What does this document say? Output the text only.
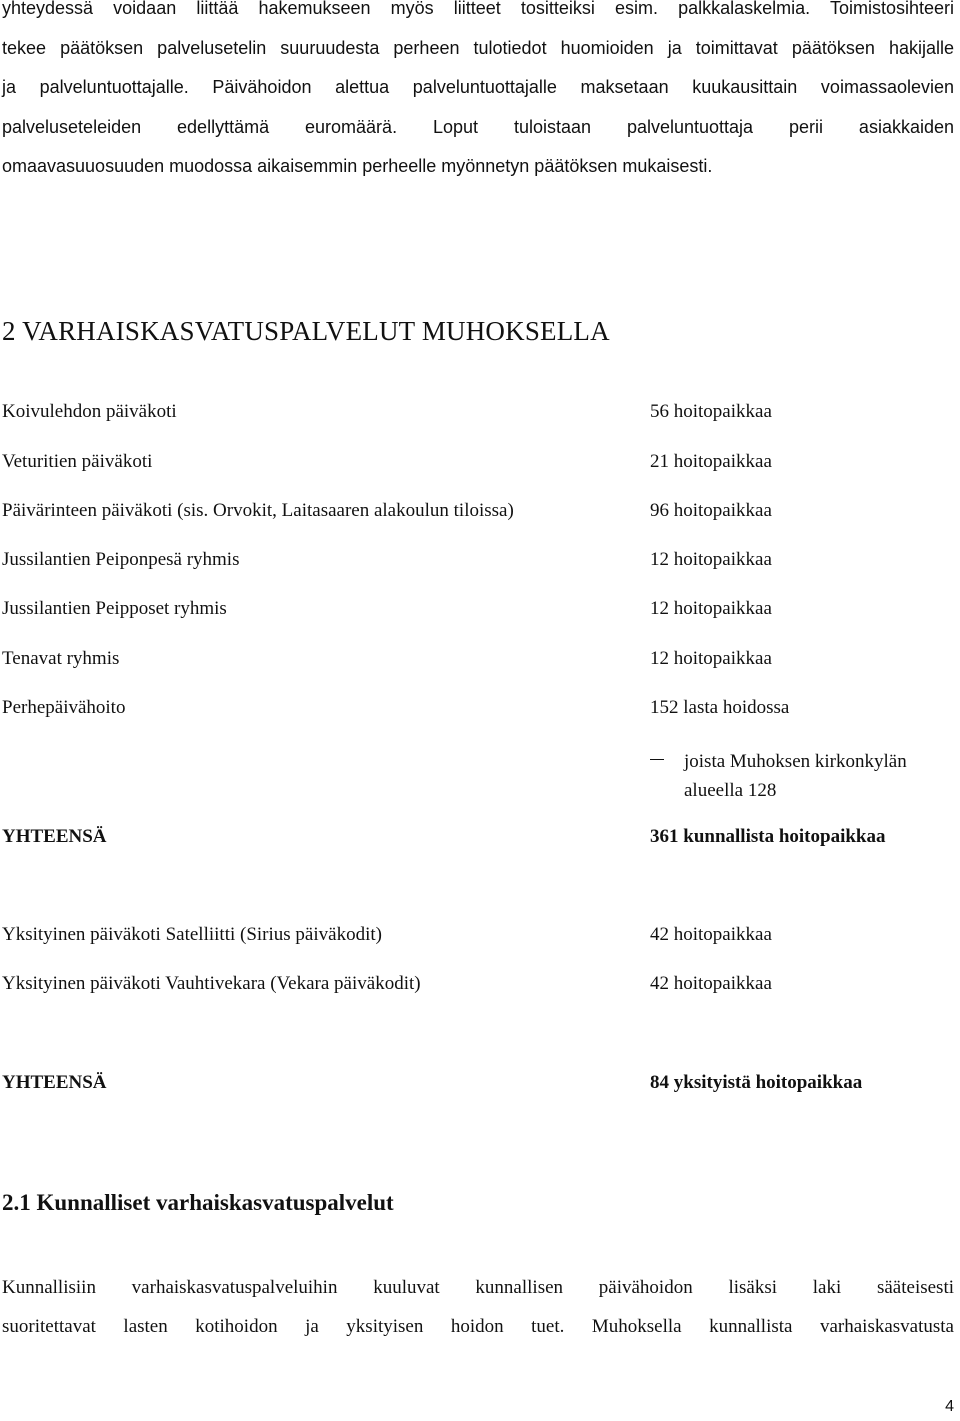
yhteydessä voidaan liittää hakemukseen myös liitteet tositteiksi esim. palkkalaskelmia. Toimistosihteeri
tekee päätöksen palvelusetelin suuruudesta perheen tulotiedot huomioiden ja toimittavat päätöksen hakijalle
ja palveluntuottajalle. Päivähoidon alettua palveluntuottajalle maksetaan kuukausittain voimassaolevien
palveluseteleiden edellyttämä euromäärä. Loput tuloistaan palveluntuottaja perii asiakkaiden
omaavasuuosuuden muodossa aikaisemmin perheelle myönnetyn päätöksen mukaisesti.
2 VARHAISKASVATUSPALVELUT MUHOKSELLA
Koivulehdon päiväkoti	56 hoitopaikkaa
Veturitien päiväkoti	21 hoitopaikkaa
Päivärinteen päiväkoti (sis. Orvokit, Laitasaaren alakoulun tiloissa)	96 hoitopaikkaa
Jussilantien Peiponpesä ryhmis	12 hoitopaikkaa
Jussilantien Peipposet ryhmis	12 hoitopaikkaa
Tenavat ryhmis	12 hoitopaikkaa
Perhepäivähoito	152 lasta hoidossa
joista Muhoksen kirkonkylän alueella 128
YHTEENSÄ	361 kunnallista hoitopaikkaa
Yksityinen päiväkoti Satelliitti (Sirius päiväkodit)	42 hoitopaikkaa
Yksityinen päiväkoti Vauhtivekara (Vekara päiväkodit)	42 hoitopaikkaa
YHTEENSÄ	84 yksityistä hoitopaikkaa
2.1 Kunnalliset varhaiskasvatuspalvelut
Kunnallisiin varhaiskasvatuspalveluihin kuuluvat kunnallisen päivähoidon lisäksi laki sääteisesti
suoritettavat lasten kotihoidon ja yksityisen hoidon tuet. Muhoksella kunnallista varhaiskasvatusta
4
